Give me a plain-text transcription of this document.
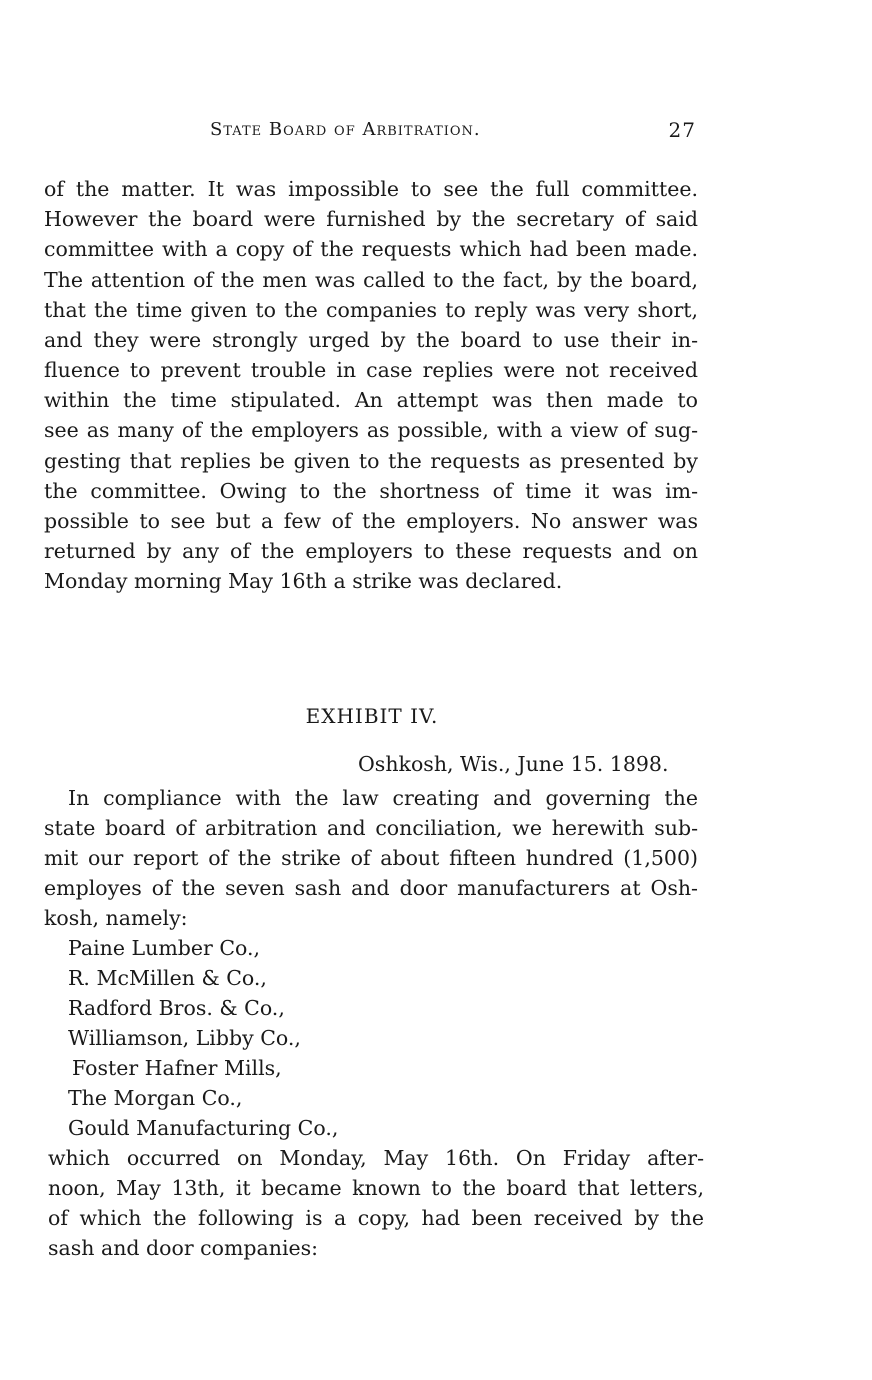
State Board of Arbitration.	27
of the matter. It was impossible to see the full committee.
However the board were furnished by the secretary of said
committee with a copy of the requests which had been made.
The attention of the men was called to the fact, by the board,
that the time given to the companies to reply was very short,
and they were strongly urged by the board to use their in-
fluence to prevent trouble in case replies were not received
within the time stipulated. An attempt was then made to
see as many of the employers as possible, with a view of sug-
gesting that replies be given to the requests as presented by
the committee. Owing to the shortness of time it was im-
possible to see but a few of the employers. No answer was
returned by any of the employers to these requests and on
Monday morning May 16th a strike was declared.
EXHIBIT IV.
Oshkosh, Wis., June 15. 1898.
In compliance with the law creating and governing the
state board of arbitration and conciliation, we herewith sub-
mit our report of the strike of about fifteen hundred (1,500)
employes of the seven sash and door manufacturers at Osh-
kosh, namely:
Paine Lumber Co.,
R. McMillen & Co.,
Radford Bros. & Co.,
Williamson, Libby Co.,
Foster Hafner Mills,
The Morgan Co.,
Gould Manufacturing Co.,
which occurred on Monday, May 16th. On Friday after-
noon, May 13th, it became known to the board that letters,
of which the following is a copy, had been received by the
sash and door companies:
